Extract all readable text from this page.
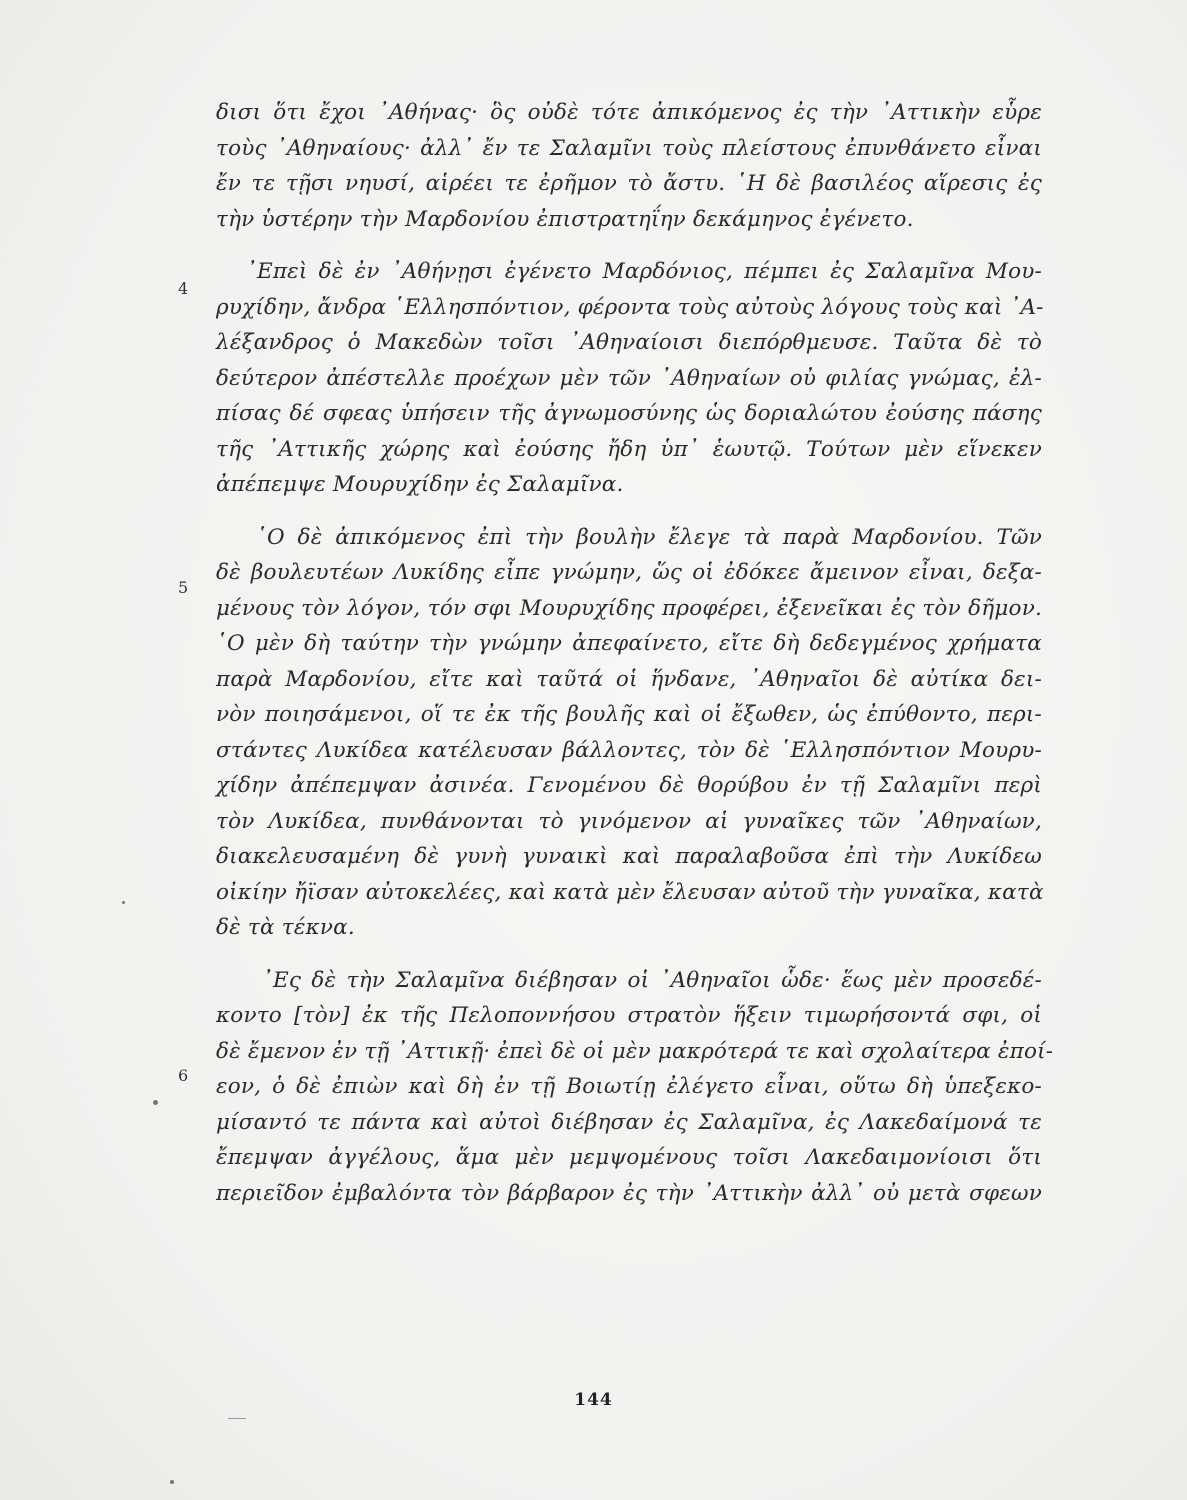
4
5
6
δισι ὅτι ἔχοι ᾿Αθήνας· ὃς οὐδὲ τότε ἀπικόμενος ἐς τὴν ᾿Αττικὴν εὗρε
τοὺς ᾿Αθηναίους· ἀλλ᾿ ἔν τε Σαλαμῖνι τοὺς πλείστους ἐπυνθάνετο εἶναι
ἔν τε τῇσι νηυσί, αἱρέει τε ἐρῆμον τὸ ἄστυ. ῾Η δὲ βασιλέος αἵρεσις ἐς
τὴν ὑστέρην τὴν Μαρδονίου ἐπιστρατηΐην δεκάμηνος ἐγένετο.
᾿Επεὶ δὲ ἐν ᾿Αθήνῃσι ἐγένετο Μαρδόνιος, πέμπει ἐς Σαλαμῖνα Μου-
ρυχίδην, ἄνδρα ῾Ελλησπόντιον, φέροντα τοὺς αὐτοὺς λόγους τοὺς καὶ ᾿Α-
λέξανδρος ὁ Μακεδὼν τοῖσι ᾿Αθηναίοισι διεπόρθμευσε. Ταῦτα δὲ τὸ
δεύτερον ἀπέστελλε προέχων μὲν τῶν ᾿Αθηναίων οὐ φιλίας γνώμας, ἐλ-
πίσας δέ σφεας ὑπήσειν τῆς ἀγνωμοσύνης ὡς δοριαλώτου ἐούσης πάσης
τῆς ᾿Αττικῆς χώρης καὶ ἐούσης ἤδη ὑπ᾿ ἑωυτῷ. Τούτων μὲν εἵνεκεν
ἀπέπεμψε Μουρυχίδην ἐς Σαλαμῖνα.
῾Ο δὲ ἀπικόμενος ἐπὶ τὴν βουλὴν ἔλεγε τὰ παρὰ Μαρδονίου. Τῶν
δὲ βουλευτέων Λυκίδης εἶπε γνώμην, ὥς οἱ ἐδόκεε ἄμεινον εἶναι, δεξα-
μένους τὸν λόγον, τόν σφι Μουρυχίδης προφέρει, ἐξενεῖκαι ἐς τὸν δῆμον.
῾Ο μὲν δὴ ταύτην τὴν γνώμην ἀπεφαίνετο, εἴτε δὴ δεδεγμένος χρήματα
παρὰ Μαρδονίου, εἴτε καὶ ταῦτά οἱ ἥνδανε, ᾿Αθηναῖοι δὲ αὐτίκα δει-
νὸν ποιησάμενοι, οἵ τε ἐκ τῆς βουλῆς καὶ οἱ ἔξωθεν, ὡς ἐπύθοντο, περι-
στάντες Λυκίδεα κατέλευσαν βάλλοντες, τὸν δὲ ῾Ελλησπόντιον Μουρυ-
χίδην ἀπέπεμψαν ἀσινέα. Γενομένου δὲ θορύβου ἐν τῇ Σαλαμῖνι περὶ
τὸν Λυκίδεα, πυνθάνονται τὸ γινόμενον αἱ γυναῖκες τῶν ᾿Αθηναίων,
διακελευσαμένη δὲ γυνὴ γυναικὶ καὶ παραλαβοῦσα ἐπὶ τὴν Λυκίδεω
οἰκίην ἤϊσαν αὐτοκελέες, καὶ κατὰ μὲν ἔλευσαν αὐτοῦ τὴν γυναῖκα, κατὰ
δὲ τὰ τέκνα.
᾿Ες δὲ τὴν Σαλαμῖνα διέβησαν οἱ ᾿Αθηναῖοι ὧδε· ἕως μὲν προσεδέ-
κοντο [τὸν] ἐκ τῆς Πελοποννήσου στρατὸν ἥξειν τιμωρήσοντά σφι, οἱ
δὲ ἔμενον ἐν τῇ ᾿Αττικῇ· ἐπεὶ δὲ οἱ μὲν μακρότερά τε καὶ σχολαίτερα ἐποί-
εον, ὁ δὲ ἐπιὼν καὶ δὴ ἐν τῇ Βοιωτίῃ ἐλέγετο εἶναι, οὕτω δὴ ὑπεξεκο-
μίσαντό τε πάντα καὶ αὐτοὶ διέβησαν ἐς Σαλαμῖνα, ἐς Λακεδαίμονά τε
ἔπεμψαν ἀγγέλους, ἅμα μὲν μεμψομένους τοῖσι Λακεδαιμονίοισι ὅτι
περιεῖδον ἐμβαλόντα τὸν βάρβαρον ἐς τὴν ᾿Αττικὴν ἀλλ᾿ οὐ μετὰ σφεων
144
